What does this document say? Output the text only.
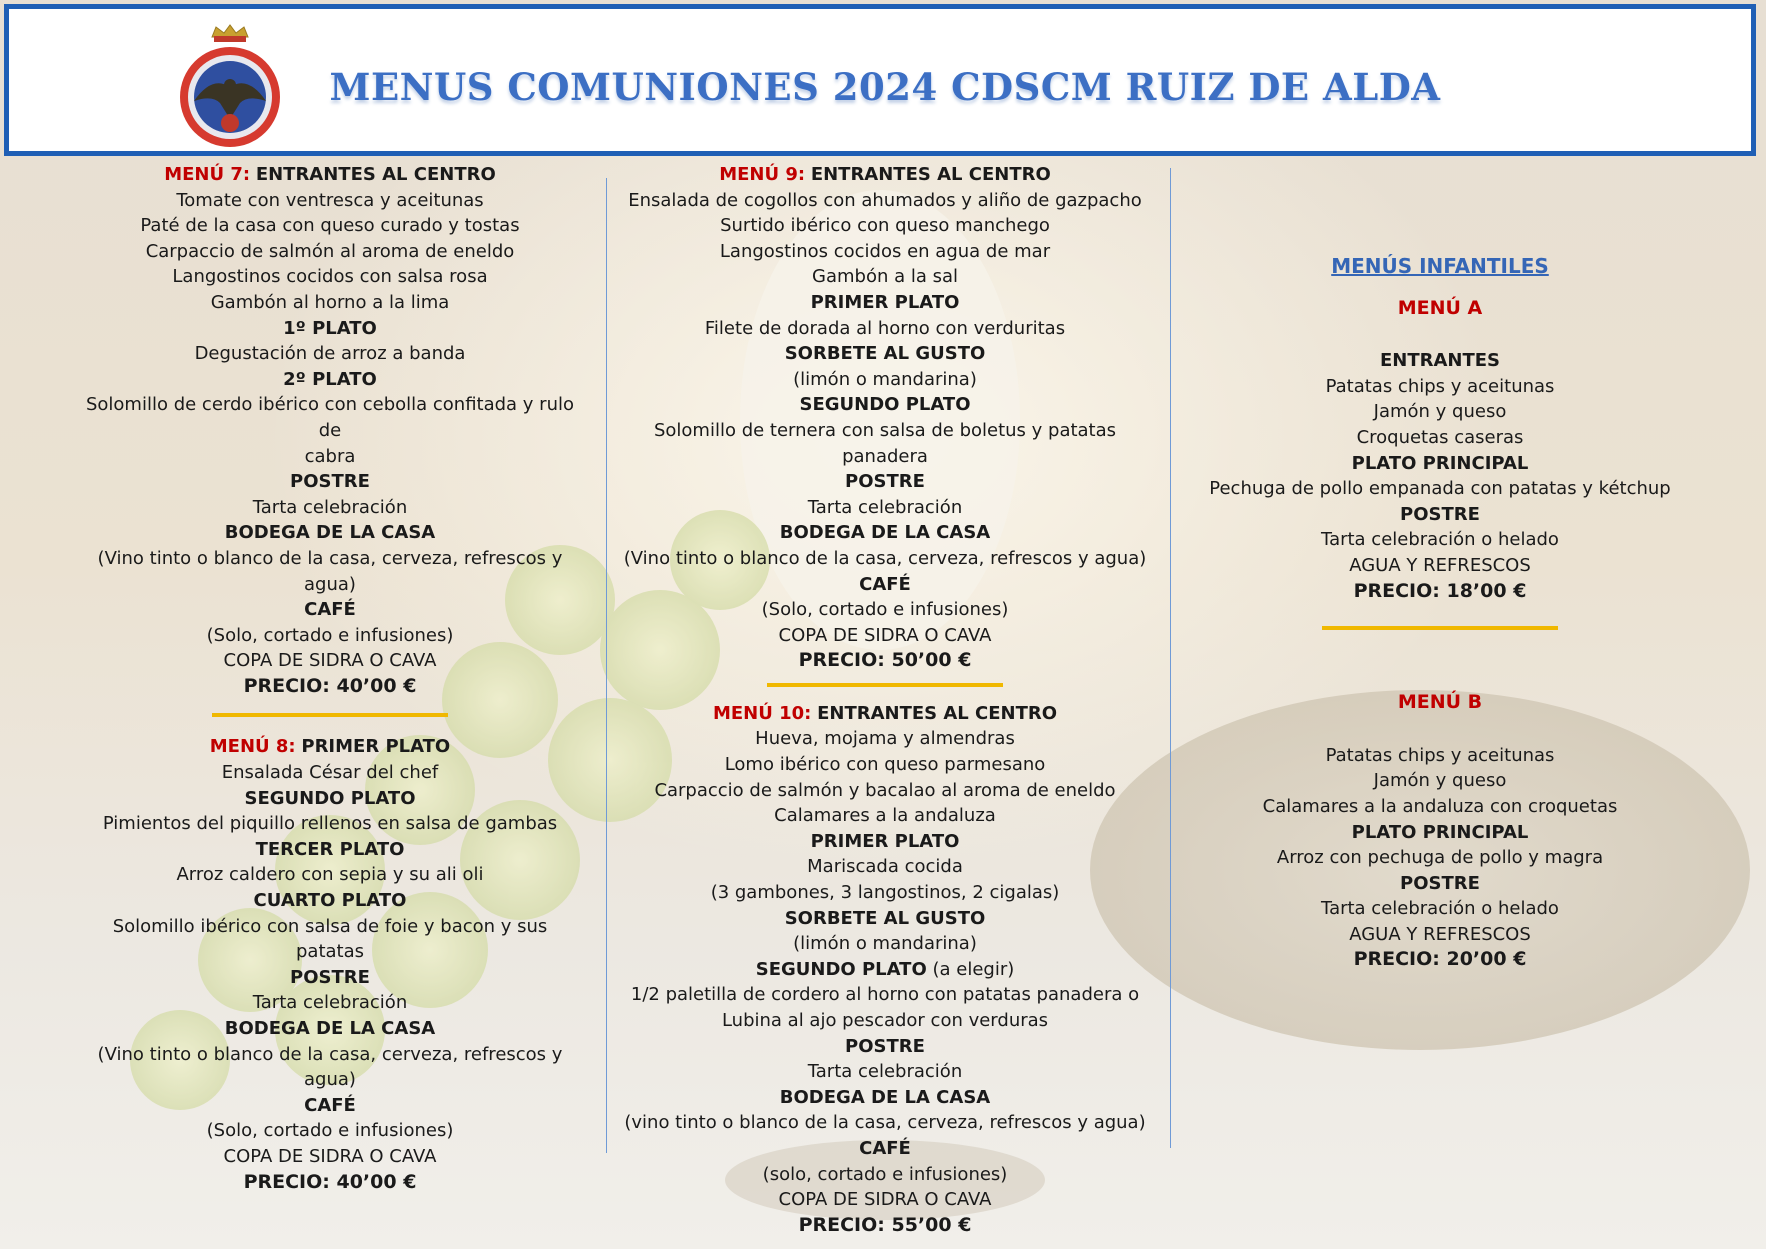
MENUS COMUNIONES 2024 CDSCM RUIZ DE ALDA
MENÚ 7: ENTRANTES AL CENTRO
Tomate con ventresca y aceitunas
Paté de la casa con queso curado y tostas
Carpaccio de salmón al aroma de eneldo
Langostinos cocidos con salsa rosa
Gambón al horno a la lima
1º PLATO
Degustación de arroz a banda
2º PLATO
Solomillo de cerdo ibérico con cebolla confitada y rulo de
cabra
POSTRE
Tarta celebración
BODEGA DE LA CASA
(Vino tinto o blanco de la casa, cerveza, refrescos y agua)
CAFÉ
(Solo, cortado e infusiones)
COPA DE SIDRA O CAVA
PRECIO: 40’00 €
MENÚ 8: PRIMER PLATO
Ensalada César del chef
SEGUNDO PLATO
Pimientos del piquillo rellenos en salsa de gambas
TERCER PLATO
Arroz caldero con sepia y su ali oli
CUARTO PLATO
Solomillo ibérico con salsa de foie y bacon y sus patatas
POSTRE
Tarta celebración
BODEGA DE LA CASA
(Vino tinto o blanco de la casa, cerveza, refrescos y agua)
CAFÉ
(Solo, cortado e infusiones)
COPA DE SIDRA O CAVA
PRECIO: 40’00 €
MENÚ 9: ENTRANTES AL CENTRO
Ensalada de cogollos con ahumados y aliño de gazpacho
Surtido ibérico con queso manchego
Langostinos cocidos en agua de mar
Gambón a la sal
PRIMER PLATO
Filete de dorada al horno con verduritas
SORBETE AL GUSTO
(limón o mandarina)
SEGUNDO PLATO
Solomillo de ternera con salsa de boletus y patatas panadera
POSTRE
Tarta celebración
BODEGA DE LA CASA
(Vino tinto o blanco de la casa, cerveza, refrescos y agua)
CAFÉ
(Solo, cortado e infusiones)
COPA DE SIDRA O CAVA
PRECIO: 50’00 €
MENÚ 10: ENTRANTES AL CENTRO
Hueva, mojama y almendras
Lomo ibérico con queso parmesano
Carpaccio de salmón y bacalao al aroma de eneldo
Calamares a la andaluza
PRIMER PLATO
Mariscada cocida
(3 gambones, 3 langostinos, 2 cigalas)
SORBETE AL GUSTO
(limón o mandarina)
SEGUNDO PLATO (a elegir)
1/2 paletilla de cordero al horno con patatas panadera o
Lubina al ajo pescador con verduras
POSTRE
Tarta celebración
BODEGA DE LA CASA
(vino tinto o blanco de la casa, cerveza, refrescos y agua)
CAFÉ
(solo, cortado e infusiones)
COPA DE SIDRA O CAVA
PRECIO: 55’00 €
MENÚS INFANTILES
MENÚ A
ENTRANTES
Patatas chips y aceitunas
Jamón y queso
Croquetas caseras
PLATO PRINCIPAL
Pechuga de pollo empanada con patatas y kétchup
POSTRE
Tarta celebración o helado
AGUA Y REFRESCOS
PRECIO: 18’00 €
MENÚ B
Patatas chips y aceitunas
Jamón y queso
Calamares a la andaluza con croquetas
PLATO PRINCIPAL
Arroz con pechuga de pollo y magra
POSTRE
Tarta celebración o helado
AGUA Y REFRESCOS
PRECIO: 20’00 €
